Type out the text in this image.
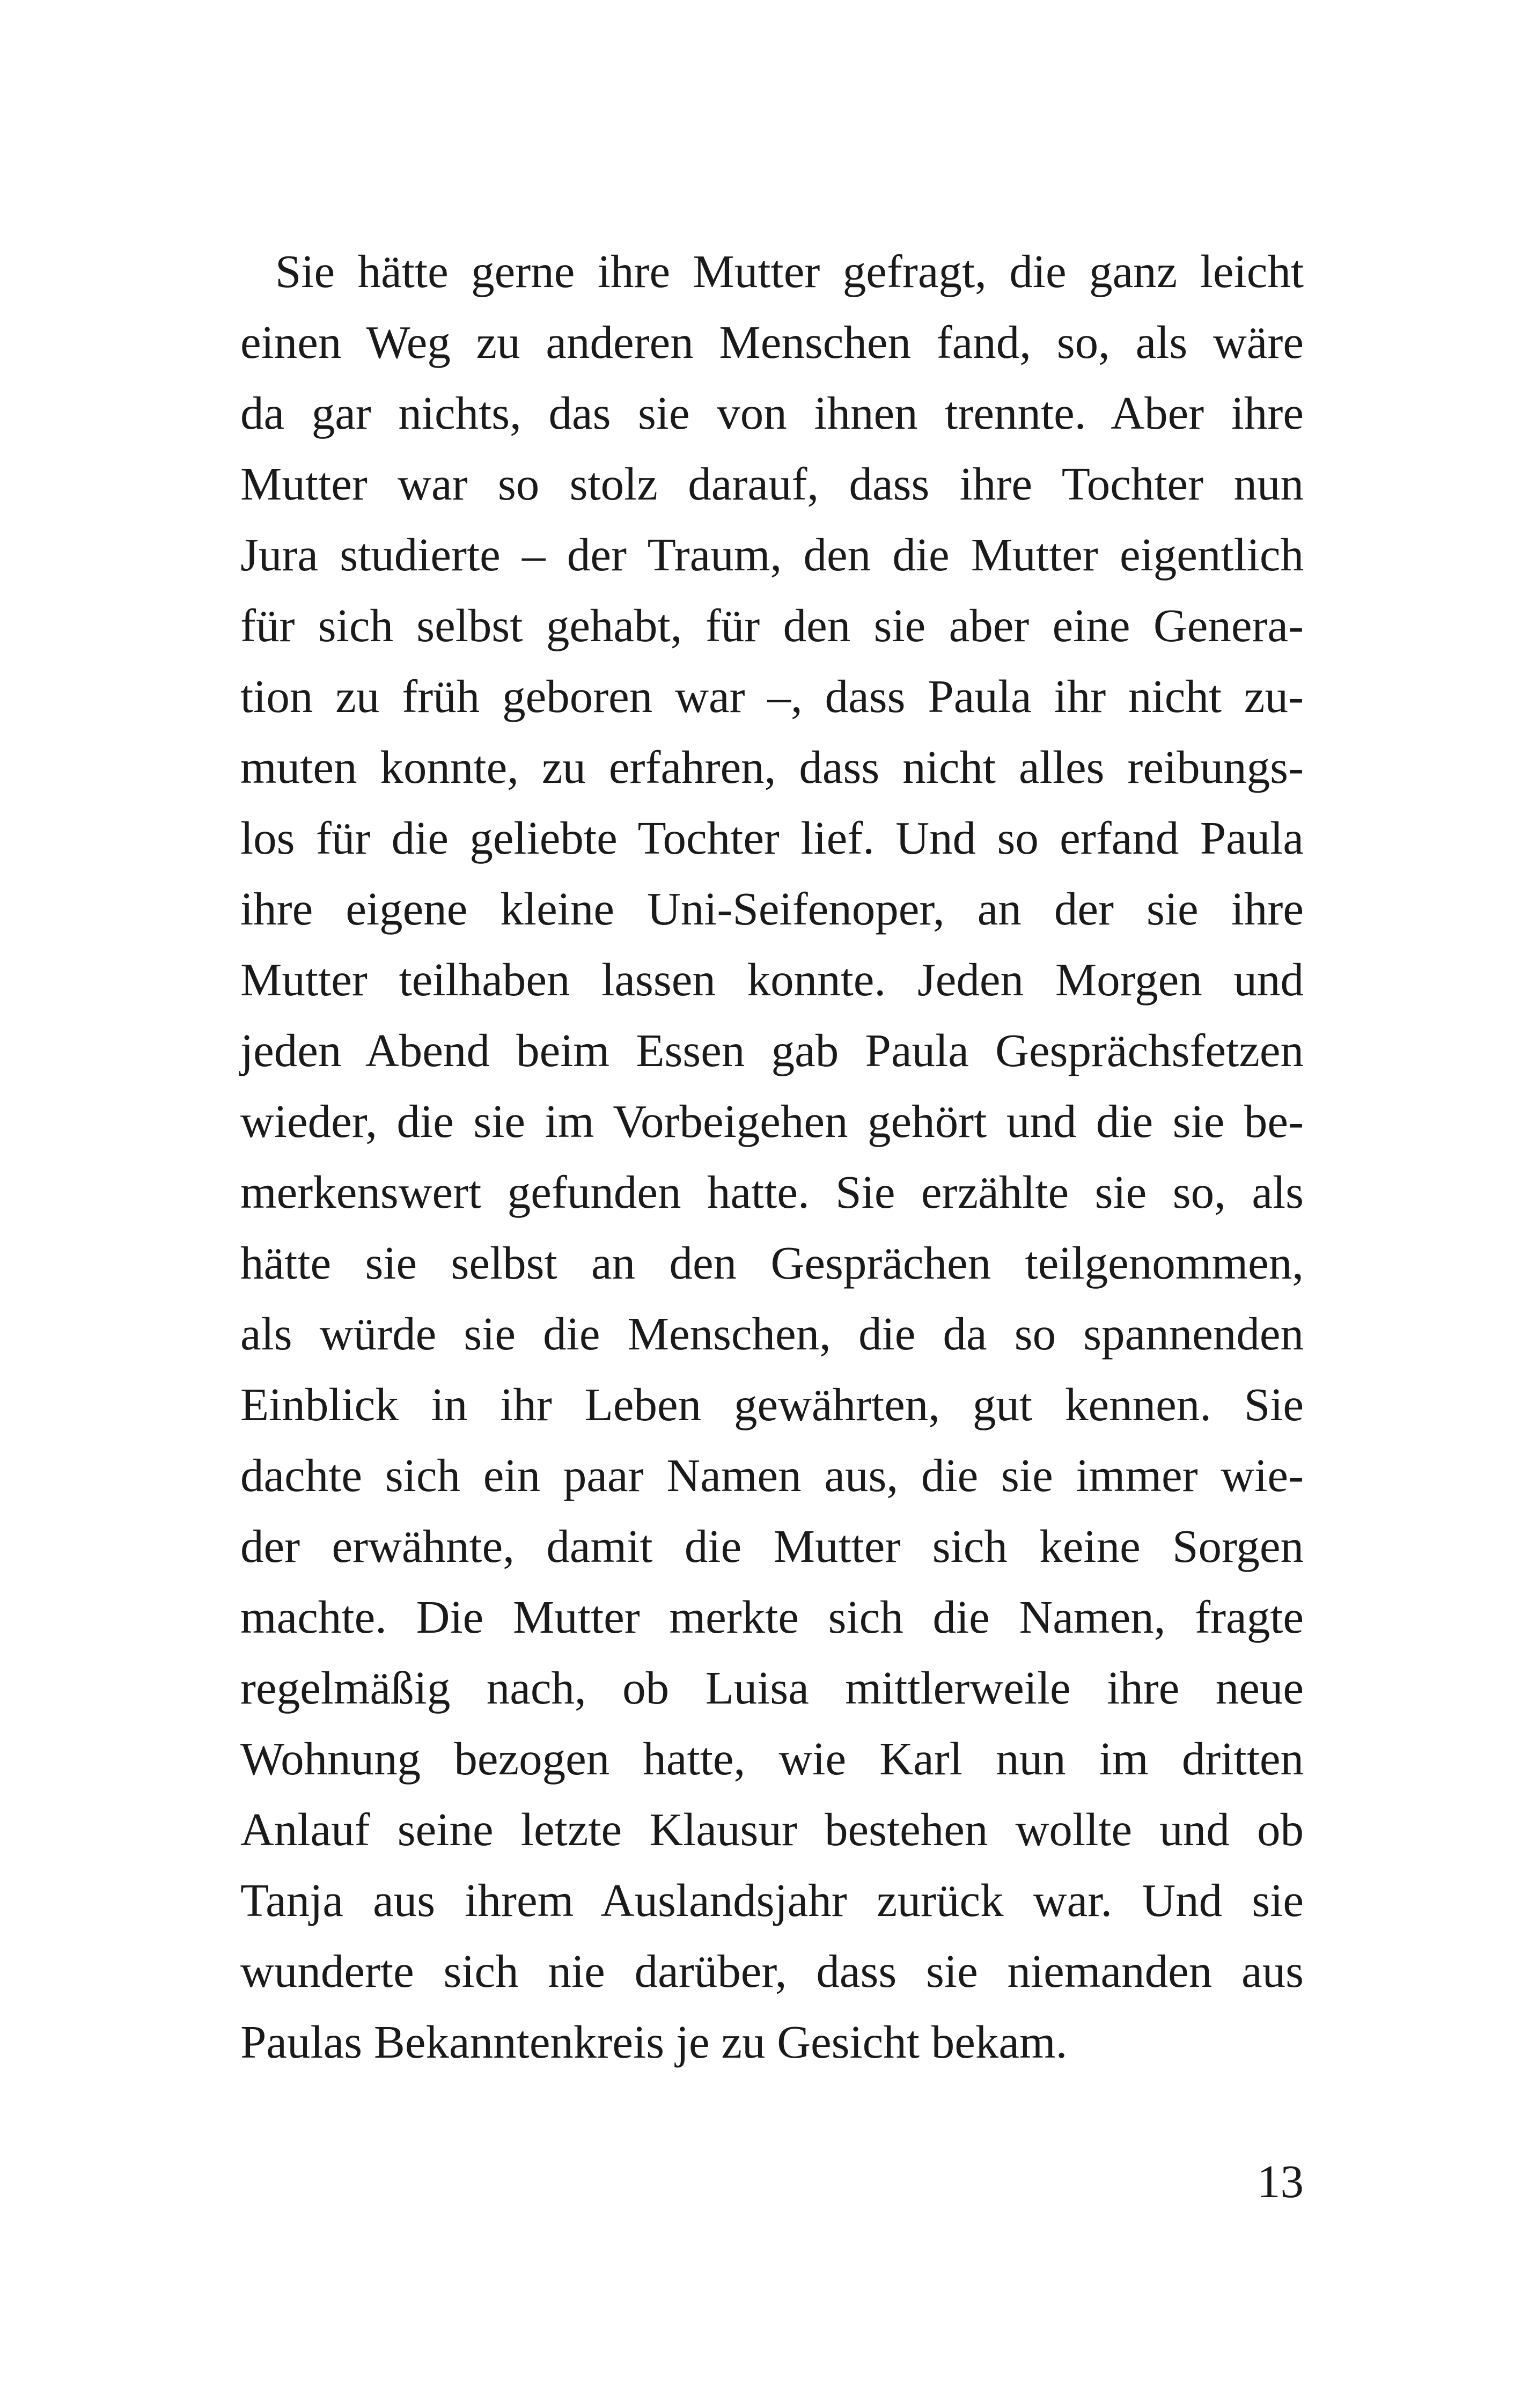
Sie hätte gerne ihre Mutter gefragt, die ganz leicht
einen Weg zu anderen Menschen fand, so, als wäre
da gar nichts, das sie von ihnen trennte. Aber ihre
Mutter war so stolz darauf, dass ihre Tochter nun
Jura studierte – der Traum, den die Mutter eigentlich
für sich selbst gehabt, für den sie aber eine Genera-
tion zu früh geboren war –, dass Paula ihr nicht zu-
muten konnte, zu erfahren, dass nicht alles reibungs-
los für die geliebte Tochter lief. Und so erfand Paula
ihre eigene kleine Uni-Seifenoper, an der sie ihre
Mutter teilhaben lassen konnte. Jeden Morgen und
jeden Abend beim Essen gab Paula Gesprächsfetzen
wieder, die sie im Vorbeigehen gehört und die sie be-
merkenswert gefunden hatte. Sie erzählte sie so, als
hätte sie selbst an den Gesprächen teilgenommen,
als würde sie die Menschen, die da so spannenden
Einblick in ihr Leben gewährten, gut kennen. Sie
dachte sich ein paar Namen aus, die sie immer wie-
der erwähnte, damit die Mutter sich keine Sorgen
machte. Die Mutter merkte sich die Namen, fragte
regelmäßig nach, ob Luisa mittlerweile ihre neue
Wohnung bezogen hatte, wie Karl nun im dritten
Anlauf seine letzte Klausur bestehen wollte und ob
Tanja aus ihrem Auslandsjahr zurück war. Und sie
wunderte sich nie darüber, dass sie niemanden aus
Paulas Bekanntenkreis je zu Gesicht bekam.
13
